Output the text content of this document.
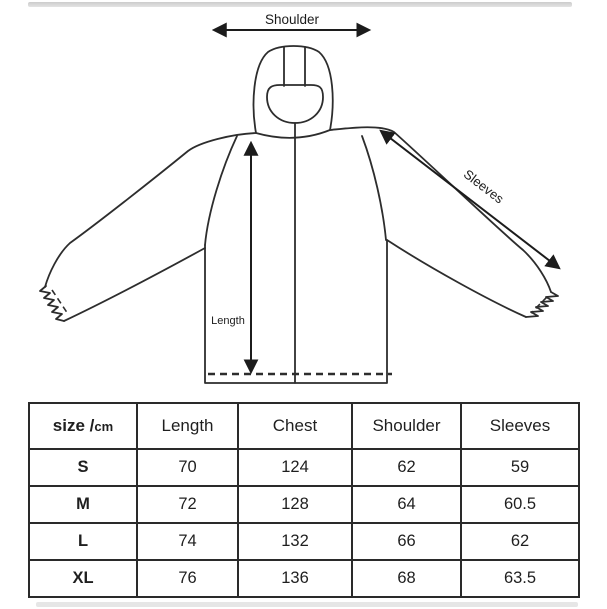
Shoulder
Length
Sleeves
size /cm	Length	Chest	Shoulder	Sleeves
S	70	124	62	59
M	72	128	64	60.5
L	74	132	66	62
XL	76	136	68	63.5
